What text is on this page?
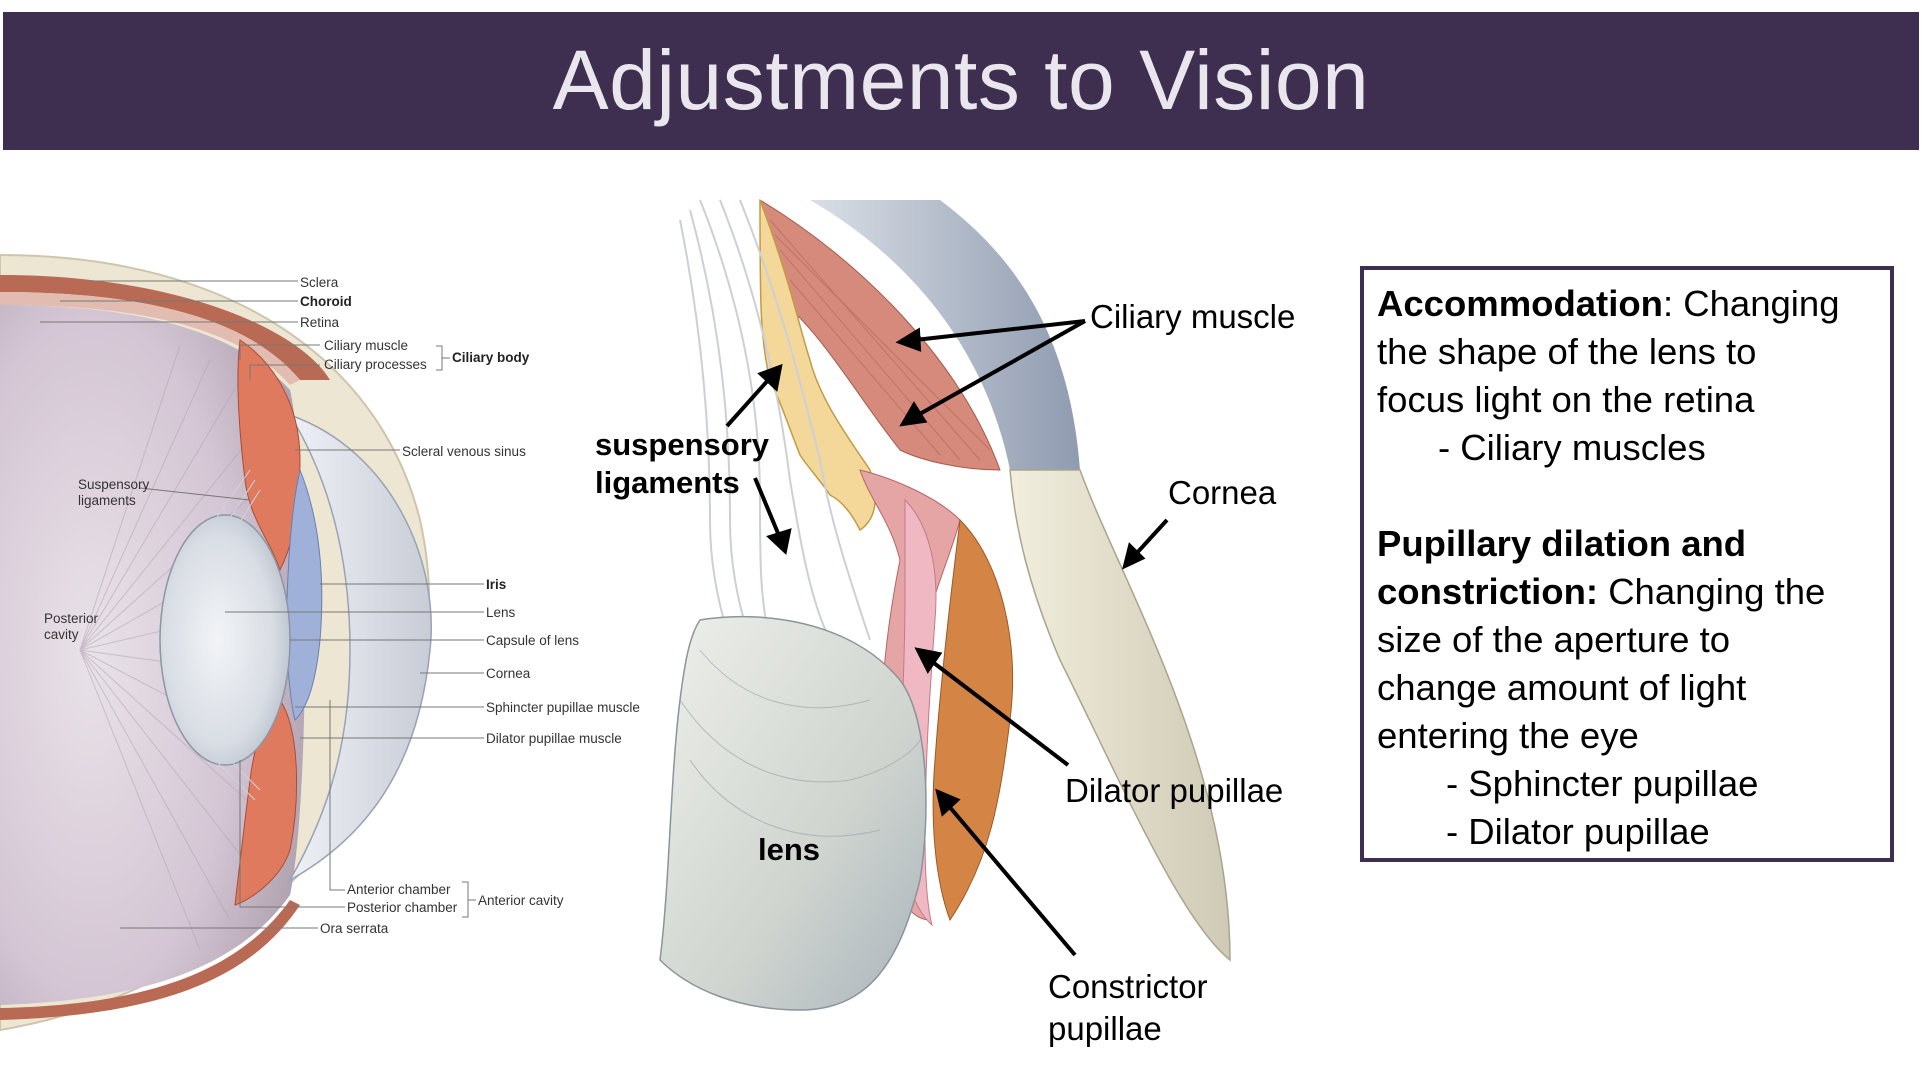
Adjustments to Vision
Sclera
Choroid
Retina
Ciliary muscle
Ciliary processes Ciliary body
Scleral venous sinus
Suspensory
ligaments
Posterior
cavity
Iris
Lens
Capsule of lens
Cornea
Sphincter pupillae muscle
Dilator pupillae muscle
Anterior chamber
Posterior chamber Anterior cavity
Ora serrata
Ciliary muscle
suspensory
ligaments	Cornea
Dilator pupillae
lens
Constrictor
pupillae

Accommodation: Changing

the shape of the lens to

focus light on the retina

- Ciliary muscles

Pupillary dilation and

constriction: Changing the

size of the aperture to

change amount of light

entering the eye

- Sphincter pupillae

- Dilator pupillae
